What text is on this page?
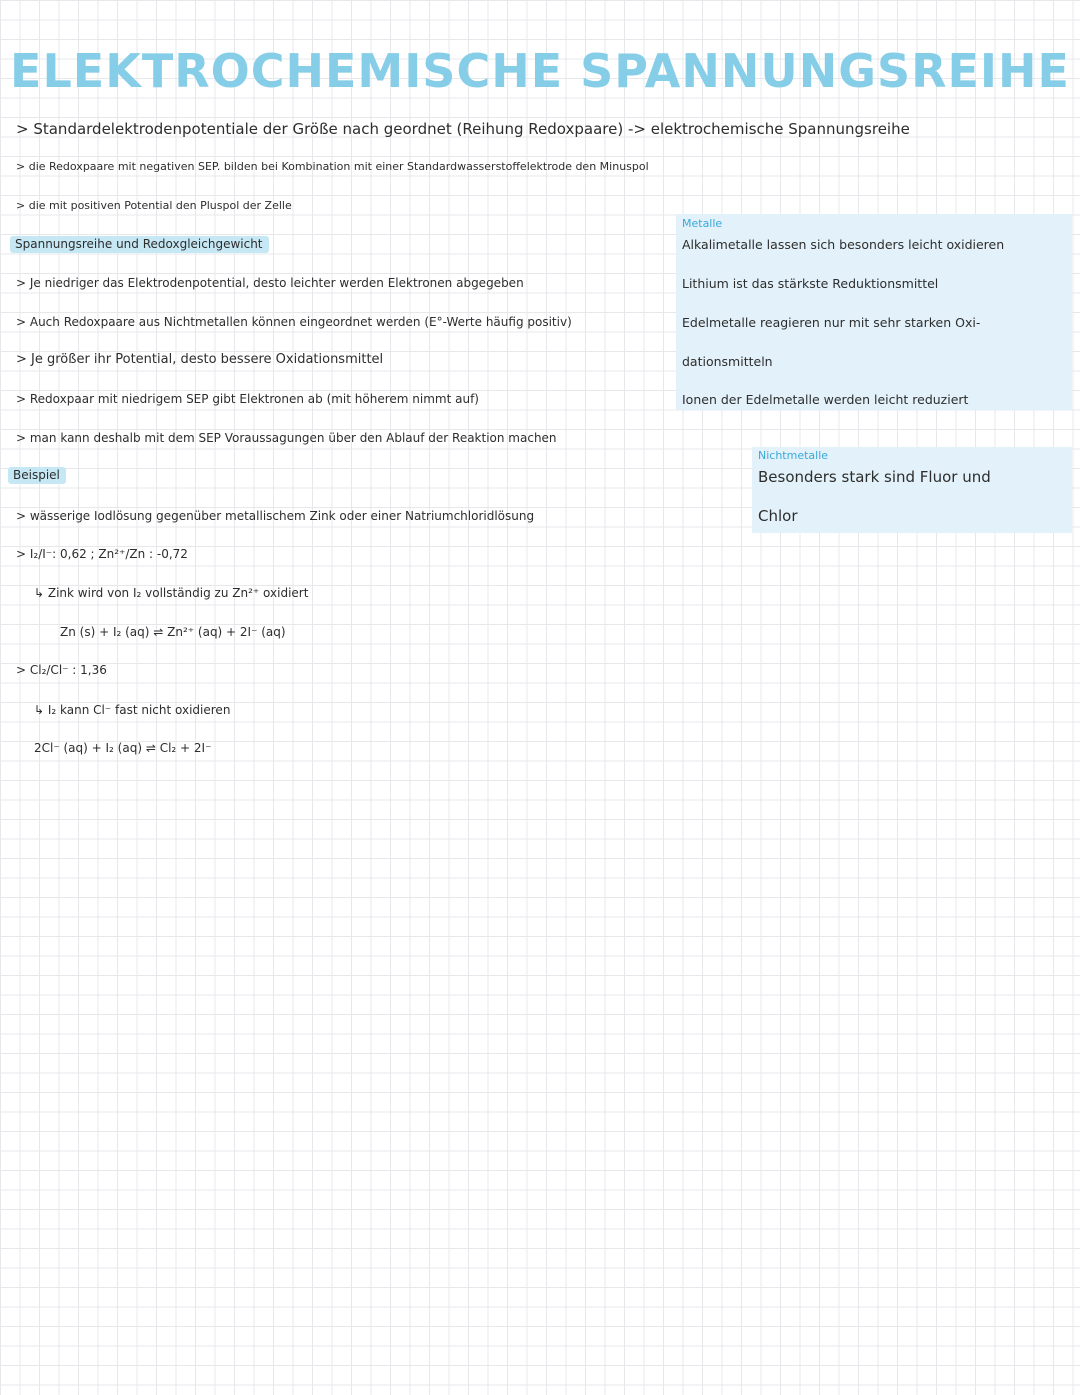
ELEKTROCHEMISCHE SPANNUNGSREIHE
> Standardelektrodenpotentiale der Größe nach geordnet (Reihung Redoxpaare) -> elektrochemische Spannungsreihe
> die Redoxpaare mit negativen SEP. bilden bei Kombination mit einer Standardwasserstoffelektrode den Minuspol
> die mit positiven Potential den Pluspol der Zelle
Spannungsreihe und Redoxgleichgewicht
> Je niedriger das Elektrodenpotential, desto leichter werden Elektronen abgegeben
> Auch Redoxpaare aus Nichtmetallen können eingeordnet werden (E°-Werte häufig positiv)
> Je größer ihr Potential, desto bessere Oxidationsmittel
> Redoxpaar mit niedrigem SEP gibt Elektronen ab (mit höherem nimmt auf)
> man kann deshalb mit dem SEP Voraussagungen über den Ablauf der Reaktion machen
Beispiel
> wässerige Iodlösung gegenüber metallischem Zink oder einer Natriumchloridlösung
> I₂/I⁻: 0,62 ; Zn²⁺/Zn : -0,72
↳ Zink wird von I₂ vollständig zu Zn²⁺ oxidiert
Zn (s) + I₂ (aq) ⇌ Zn²⁺ (aq) + 2I⁻ (aq)
> Cl₂/Cl⁻ : 1,36
↳ I₂ kann Cl⁻ fast nicht oxidieren
2Cl⁻ (aq) + I₂ (aq) ⇌ Cl₂ + 2I⁻
Metalle
Alkalimetalle lassen sich besonders leicht oxidieren
Lithium ist das stärkste Reduktionsmittel
Edelmetalle reagieren nur mit sehr starken Oxi-
dationsmitteln
Ionen der Edelmetalle werden leicht reduziert
Nichtmetalle
Besonders stark sind Fluor und
Chlor
